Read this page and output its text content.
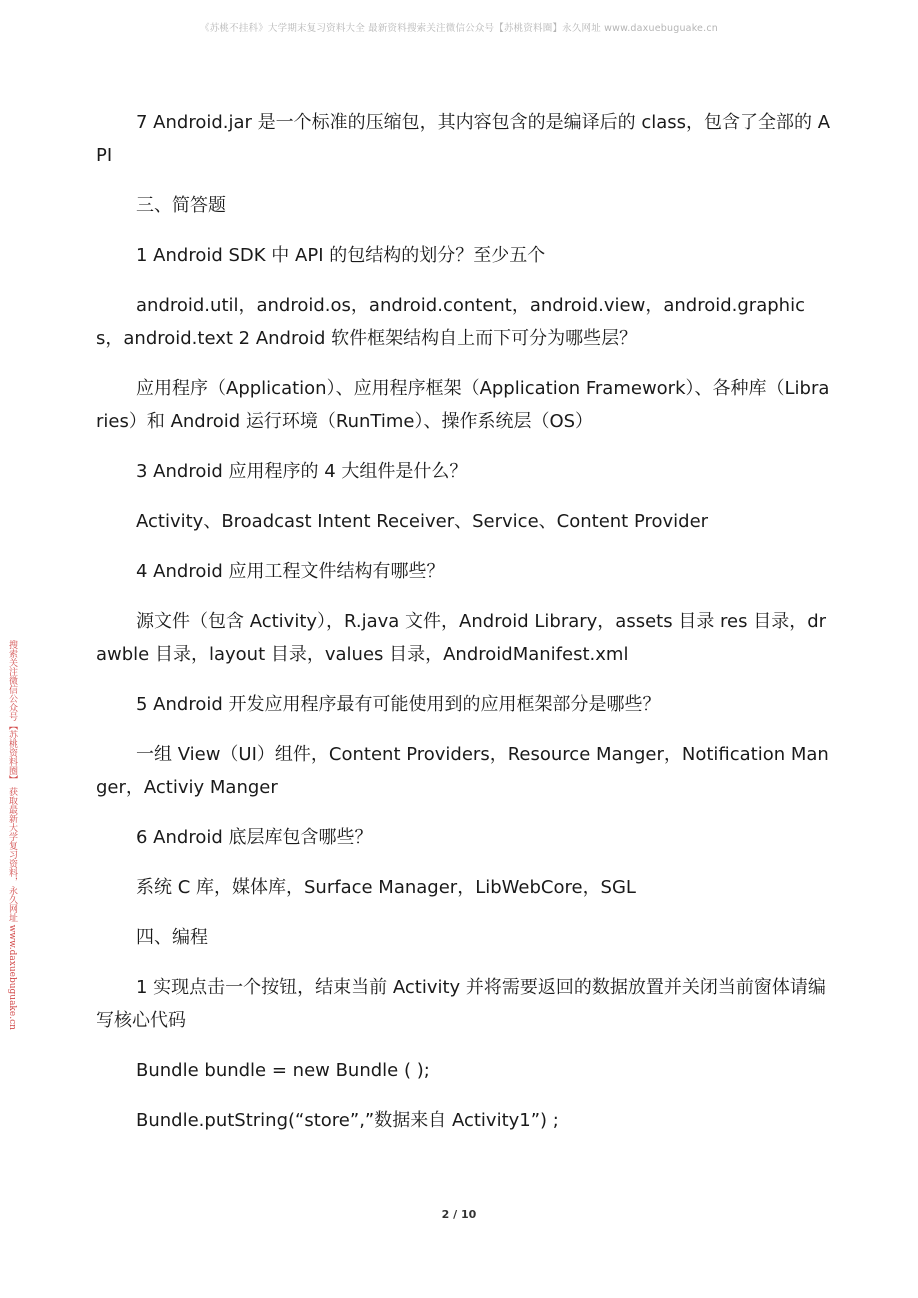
《苏桃不挂科》大学期末复习资料大全 最新资料搜索关注微信公众号【苏桃资料圈】永久网址 www.daxuebuguake.cn
搜索关注微信公众号【苏桃资料圈】 获取最新大学复习资料，永久网址 www.daxuebuguake.cn

7 Android.jar 是一个标准的压缩包，其内容包含的是编译后的 class，包含了全部的 API

三、简答题

1 Android SDK 中 API 的包结构的划分？至少五个

android.util，android.os，android.content，android.view，android.graphics，android.text 2 Android 软件框架结构自上而下可分为哪些层？

应用程序（Application）、应用程序框架（Application Framework）、各种库（Libraries）和 Android 运行环境（RunTime）、操作系统层（OS）

3 Android 应用程序的 4 大组件是什么？

Activity、Broadcast Intent Receiver、Service、Content Provider

4 Android 应用工程文件结构有哪些？

源文件（包含 Activity），R.java 文件，Android Library，assets 目录 res 目录，drawble 目录，layout 目录，values 目录，AndroidManifest.xml

5 Android 开发应用程序最有可能使用到的应用框架部分是哪些？

一组 View（UI）组件，Content Providers，Resource Manger，Notification Manger，Activiy Manger

6 Android 底层库包含哪些？

系统 C 库，媒体库，Surface Manager，LibWebCore，SGL

四、编程

1 实现点击一个按钮，结束当前 Activity 并将需要返回的数据放置并关闭当前窗体请编写核心代码

Bundle bundle = new Bundle ( );

Bundle.putString(“store”,”数据来自 Activity1”) ;

2 / 10
